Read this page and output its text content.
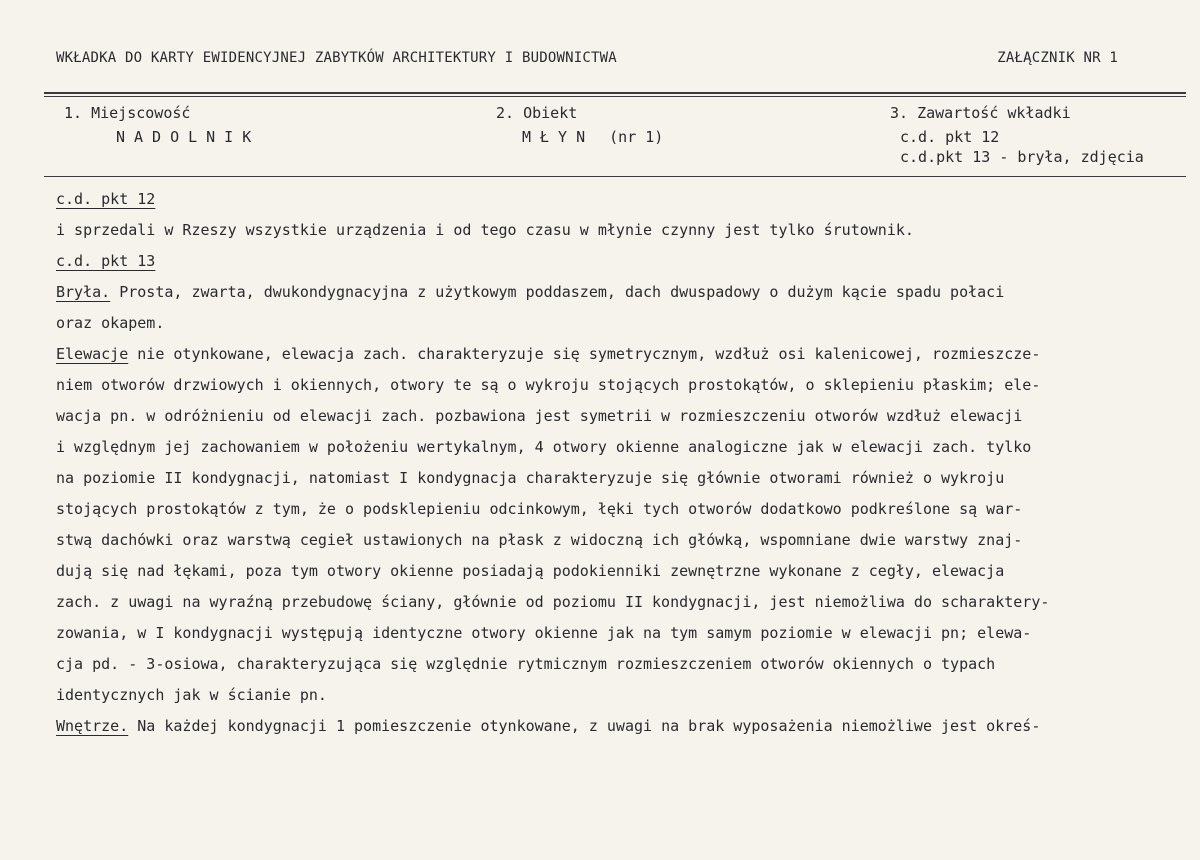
WKŁADKA DO KARTY EWIDENCYJNEJ ZABYTKÓW ARCHITEKTURY I BUDOWNICTWA	ZAŁĄCZNIK NR 1
1. Miejscowość
NADOLNIK
2. Obiekt
MŁYN (nr 1)
3. Zawartość wkładki
c.d. pkt 12
c.d.pkt 13 - bryła, zdjęcia
c.d. pkt 12
i sprzedali w Rzeszy wszystkie urządzenia i od tego czasu w młynie czynny jest tylko śrutownik.
c.d. pkt 13
Bryła. Prosta, zwarta, dwukondygnacyjna z użytkowym poddaszem, dach dwuspadowy o dużym kącie spadu połaci
oraz okapem.
Elewacje nie otynkowane, elewacja zach. charakteryzuje się symetrycznym, wzdłuż osi kalenicowej, rozmieszcze-
niem otworów drzwiowych i okiennych, otwory te są o wykroju stojących prostokątów, o sklepieniu płaskim; ele-
wacja pn. w odróżnieniu od elewacji zach. pozbawiona jest symetrii w rozmieszczeniu otworów wzdłuż elewacji
i względnym jej zachowaniem w położeniu wertykalnym, 4 otwory okienne analogiczne jak w elewacji zach. tylko
na poziomie II kondygnacji, natomiast I kondygnacja charakteryzuje się głównie otworami również o wykroju
stojących prostokątów z tym, że o podsklepieniu odcinkowym, łęki tych otworów dodatkowo podkreślone są war-
stwą dachówki oraz warstwą cegieł ustawionych na płask z widoczną ich główką, wspomniane dwie warstwy znaj-
dują się nad łękami, poza tym otwory okienne posiadają podokienniki zewnętrzne wykonane z cegły, elewacja
zach. z uwagi na wyraźną przebudowę ściany, głównie od poziomu II kondygnacji, jest niemożliwa do scharaktery-
zowania, w I kondygnacji występują identyczne otwory okienne jak na tym samym poziomie w elewacji pn; elewa-
cja pd. - 3-osiowa, charakteryzująca się względnie rytmicznym rozmieszczeniem otworów okiennych o typach
identycznych jak w ścianie pn.
Wnętrze. Na każdej kondygnacji 1 pomieszczenie otynkowane, z uwagi na brak wyposażenia niemożliwe jest okreś-
